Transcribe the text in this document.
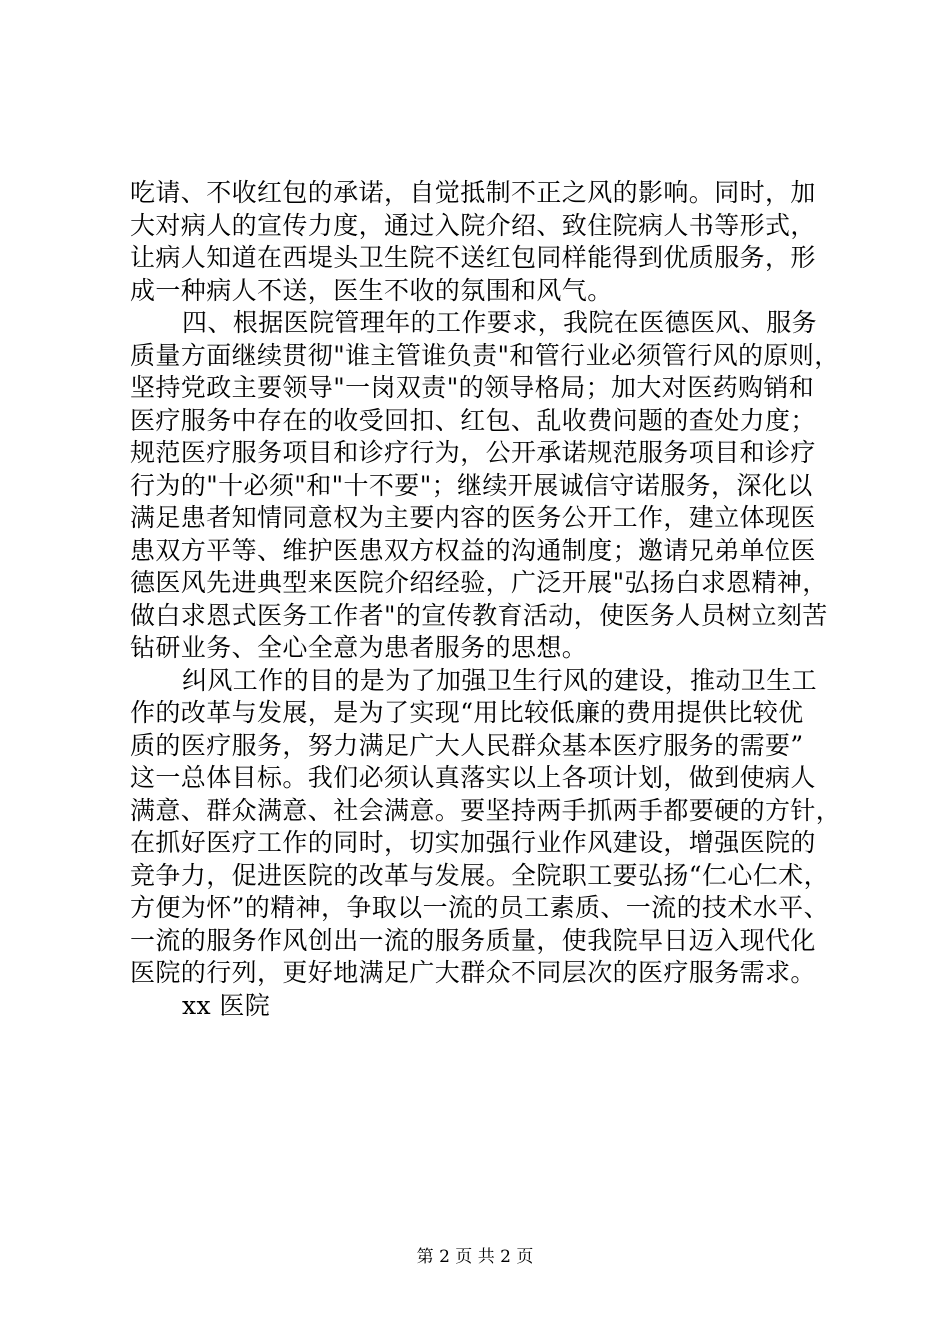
吃请、不收红包的承诺，自觉抵制不正之风的影响。同时，加
大对病人的宣传力度，通过入院介绍、致住院病人书等形式，
让病人知道在西堤头卫生院不送红包同样能得到优质服务，形
成一种病人不送，医生不收的氛围和风气。
四、根据医院管理年的工作要求，我院在医德医风、服务
质量方面继续贯彻"谁主管谁负责"和管行业必须管行风的原则，
坚持党政主要领导"一岗双责"的领导格局；加大对医药购销和
医疗服务中存在的收受回扣、红包、乱收费问题的查处力度；
规范医疗服务项目和诊疗行为，公开承诺规范服务项目和诊疗
行为的"十必须"和"十不要"；继续开展诚信守诺服务，深化以
满足患者知情同意权为主要内容的医务公开工作，建立体现医
患双方平等、维护医患双方权益的沟通制度；邀请兄弟单位医
德医风先进典型来医院介绍经验，广泛开展"弘扬白求恩精神，
做白求恩式医务工作者"的宣传教育活动，使医务人员树立刻苦
钻研业务、全心全意为患者服务的思想。
纠风工作的目的是为了加强卫生行风的建设，推动卫生工
作的改革与发展，是为了实现“用比较低廉的费用提供比较优
质的医疗服务，努力满足广大人民群众基本医疗服务的需要”
这一总体目标。我们必须认真落实以上各项计划，做到使病人
满意、群众满意、社会满意。要坚持两手抓两手都要硬的方针，
在抓好医疗工作的同时，切实加强行业作风建设，增强医院的
竞争力，促进医院的改革与发展。全院职工要弘扬“仁心仁术，
方便为怀”的精神，争取以一流的员工素质、一流的技术水平、
一流的服务作风创出一流的服务质量，使我院早日迈入现代化
医院的行列，更好地满足广大群众不同层次的医疗服务需求。
xx 医院
第 2 页 共 2 页
